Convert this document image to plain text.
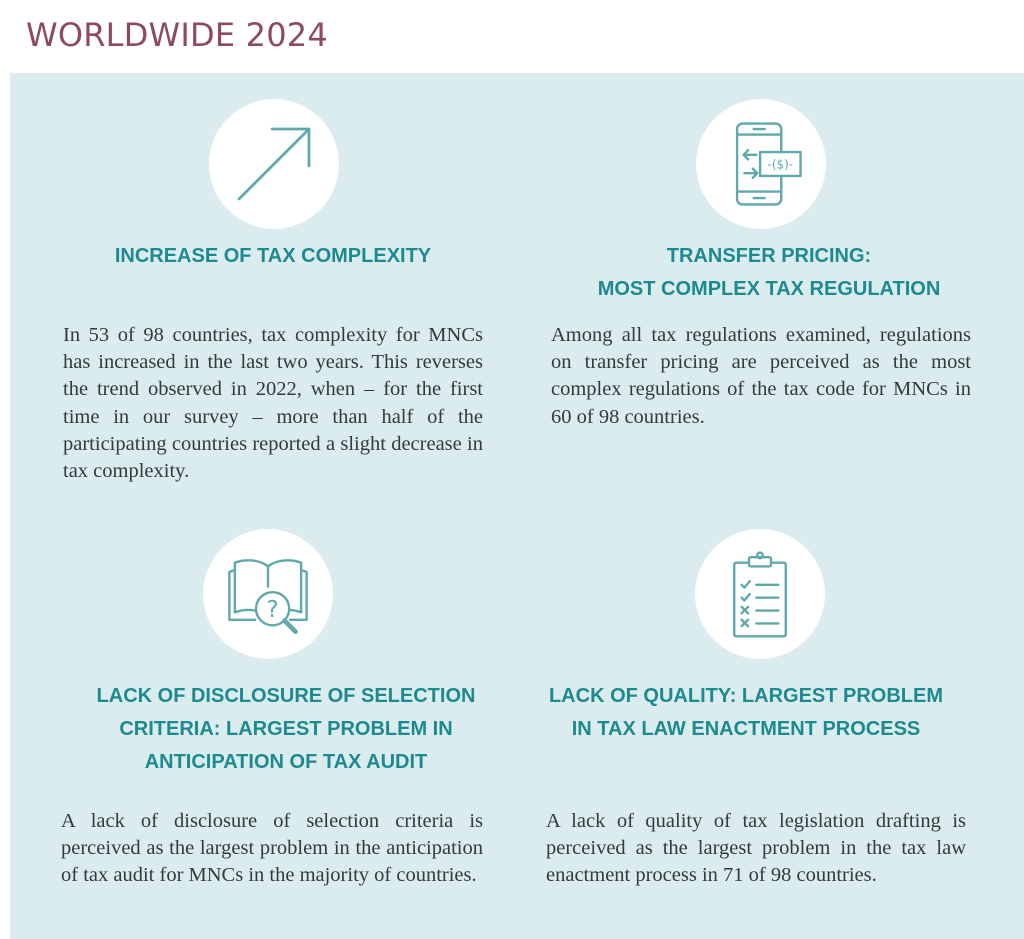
WORLDWIDE 2024
INCREASE OF TAX COMPLEXITY
In 53 of 98 countries, tax complexity for MNCs has increased in the last two years. This reverses the trend observed in 2022, when – for the first time in our survey – more than half of the participating countries reported a slight decrease in tax complexity.
-($)-
TRANSFER PRICING:
MOST COMPLEX TAX REGULATION
Among all tax regulations examined, regulations on transfer pricing are perceived as the most complex regulations of the tax code for MNCs in 60 of 98 countries.
?
LACK OF DISCLOSURE OF SELECTION
CRITERIA: LARGEST PROBLEM IN
ANTICIPATION OF TAX AUDIT
A lack of disclosure of selection criteria is perceived as the largest problem in the anticipation of tax audit for MNCs in the majority of countries.
LACK OF QUALITY: LARGEST PROBLEM
IN TAX LAW ENACTMENT PROCESS
A lack of quality of tax legislation drafting is perceived as the largest problem in the tax law enactment process in 71 of 98 countries.
